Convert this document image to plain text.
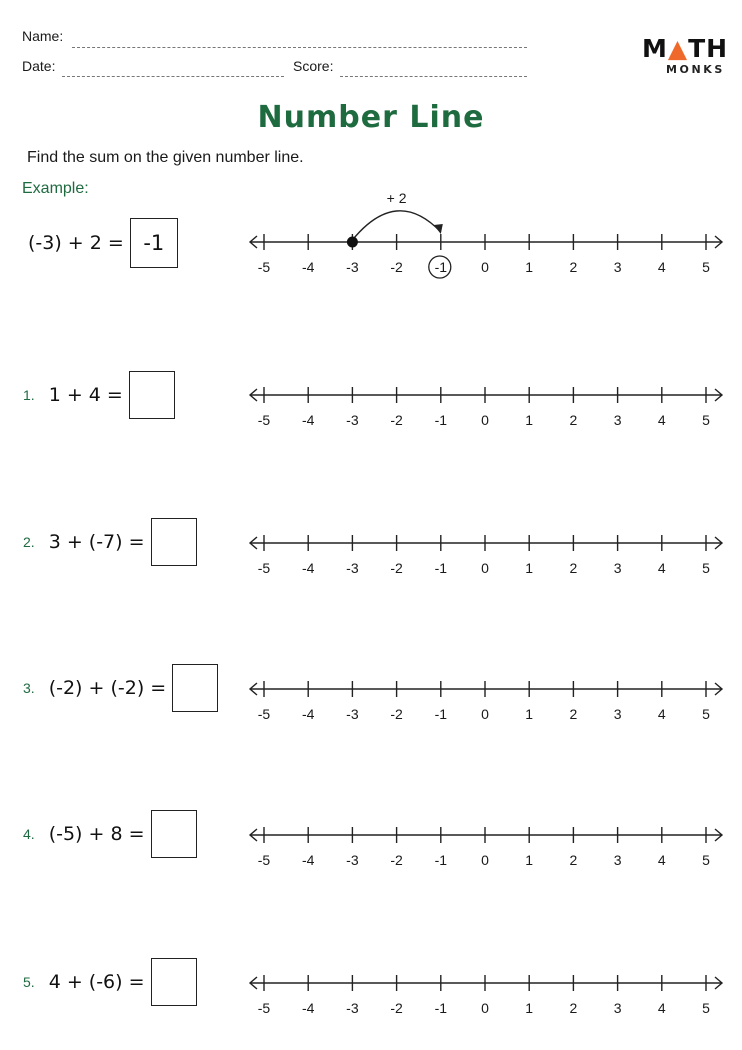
Name:
Date:	Score:
M▲TH
MONKS
Number Line
Find the sum on the given number line.
Example:
(-3) + 2 = -1
-5 -4 -3 -2 -1 0	1	2	3	4	5
+ 2
1. 1 + 4 =
-5 -4 -3 -2 -1 0	1	2	3	4	5
2. 3 + (-7) =
-5 -4 -3 -2 -1 0	1	2	3	4	5
3. (-2) + (-2) =
-5 -4 -3 -2 -1 0	1	2	3	4	5
4. (-5) + 8 =
-5 -4 -3 -2 -1 0	1	2	3	4	5
5. 4 + (-6) =
-5 -4 -3 -2 -1 0	1	2	3	4	5
